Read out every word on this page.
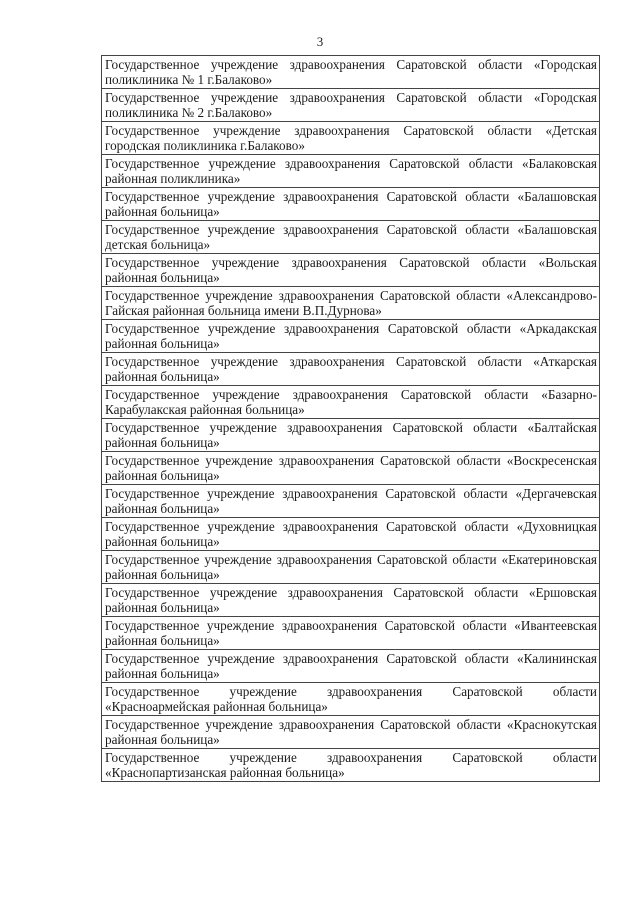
3
Государственное учреждение здравоохранения Саратовской области «Городская поликлиника № 1 г.Балаково»
Государственное учреждение здравоохранения Саратовской области «Городская поликлиника № 2 г.Балаково»
Государственное учреждение здравоохранения Саратовской области «Детская городская поликлиника г.Балаково»
Государственное учреждение здравоохранения Саратовской области «Балаковская районная поликлиника»
Государственное учреждение здравоохранения Саратовской области «Балашовская районная больница»
Государственное учреждение здравоохранения Саратовской области «Балашовская детская больница»
Государственное учреждение здравоохранения Саратовской области «Вольская районная больница»
Государственное учреждение здравоохранения Саратовской области «Александрово-Гайская районная больница имени В.П.Дурнова»
Государственное учреждение здравоохранения Саратовской области «Аркадакская районная больница»
Государственное учреждение здравоохранения Саратовской области «Аткарская районная больница»
Государственное учреждение здравоохранения Саратовской области «Базарно-Карабулакская районная больница»
Государственное учреждение здравоохранения Саратовской области «Балтайская районная больница»
Государственное учреждение здравоохранения Саратовской области «Воскресенская районная больница»
Государственное учреждение здравоохранения Саратовской области «Дергачевская районная больница»
Государственное учреждение здравоохранения Саратовской области «Духовницкая районная больница»
Государственное учреждение здравоохранения Саратовской области «Екатериновская районная больница»
Государственное учреждение здравоохранения Саратовской области «Ершовская районная больница»
Государственное учреждение здравоохранения Саратовской области «Ивантеевская районная больница»
Государственное учреждение здравоохранения Саратовской области «Калининская районная больница»
Государственное учреждение здравоохранения Саратовской области «Красноармейская районная больница»
Государственное учреждение здравоохранения Саратовской области «Краснокутская районная больница»
Государственное учреждение здравоохранения Саратовской области «Краснопартизанская районная больница»
